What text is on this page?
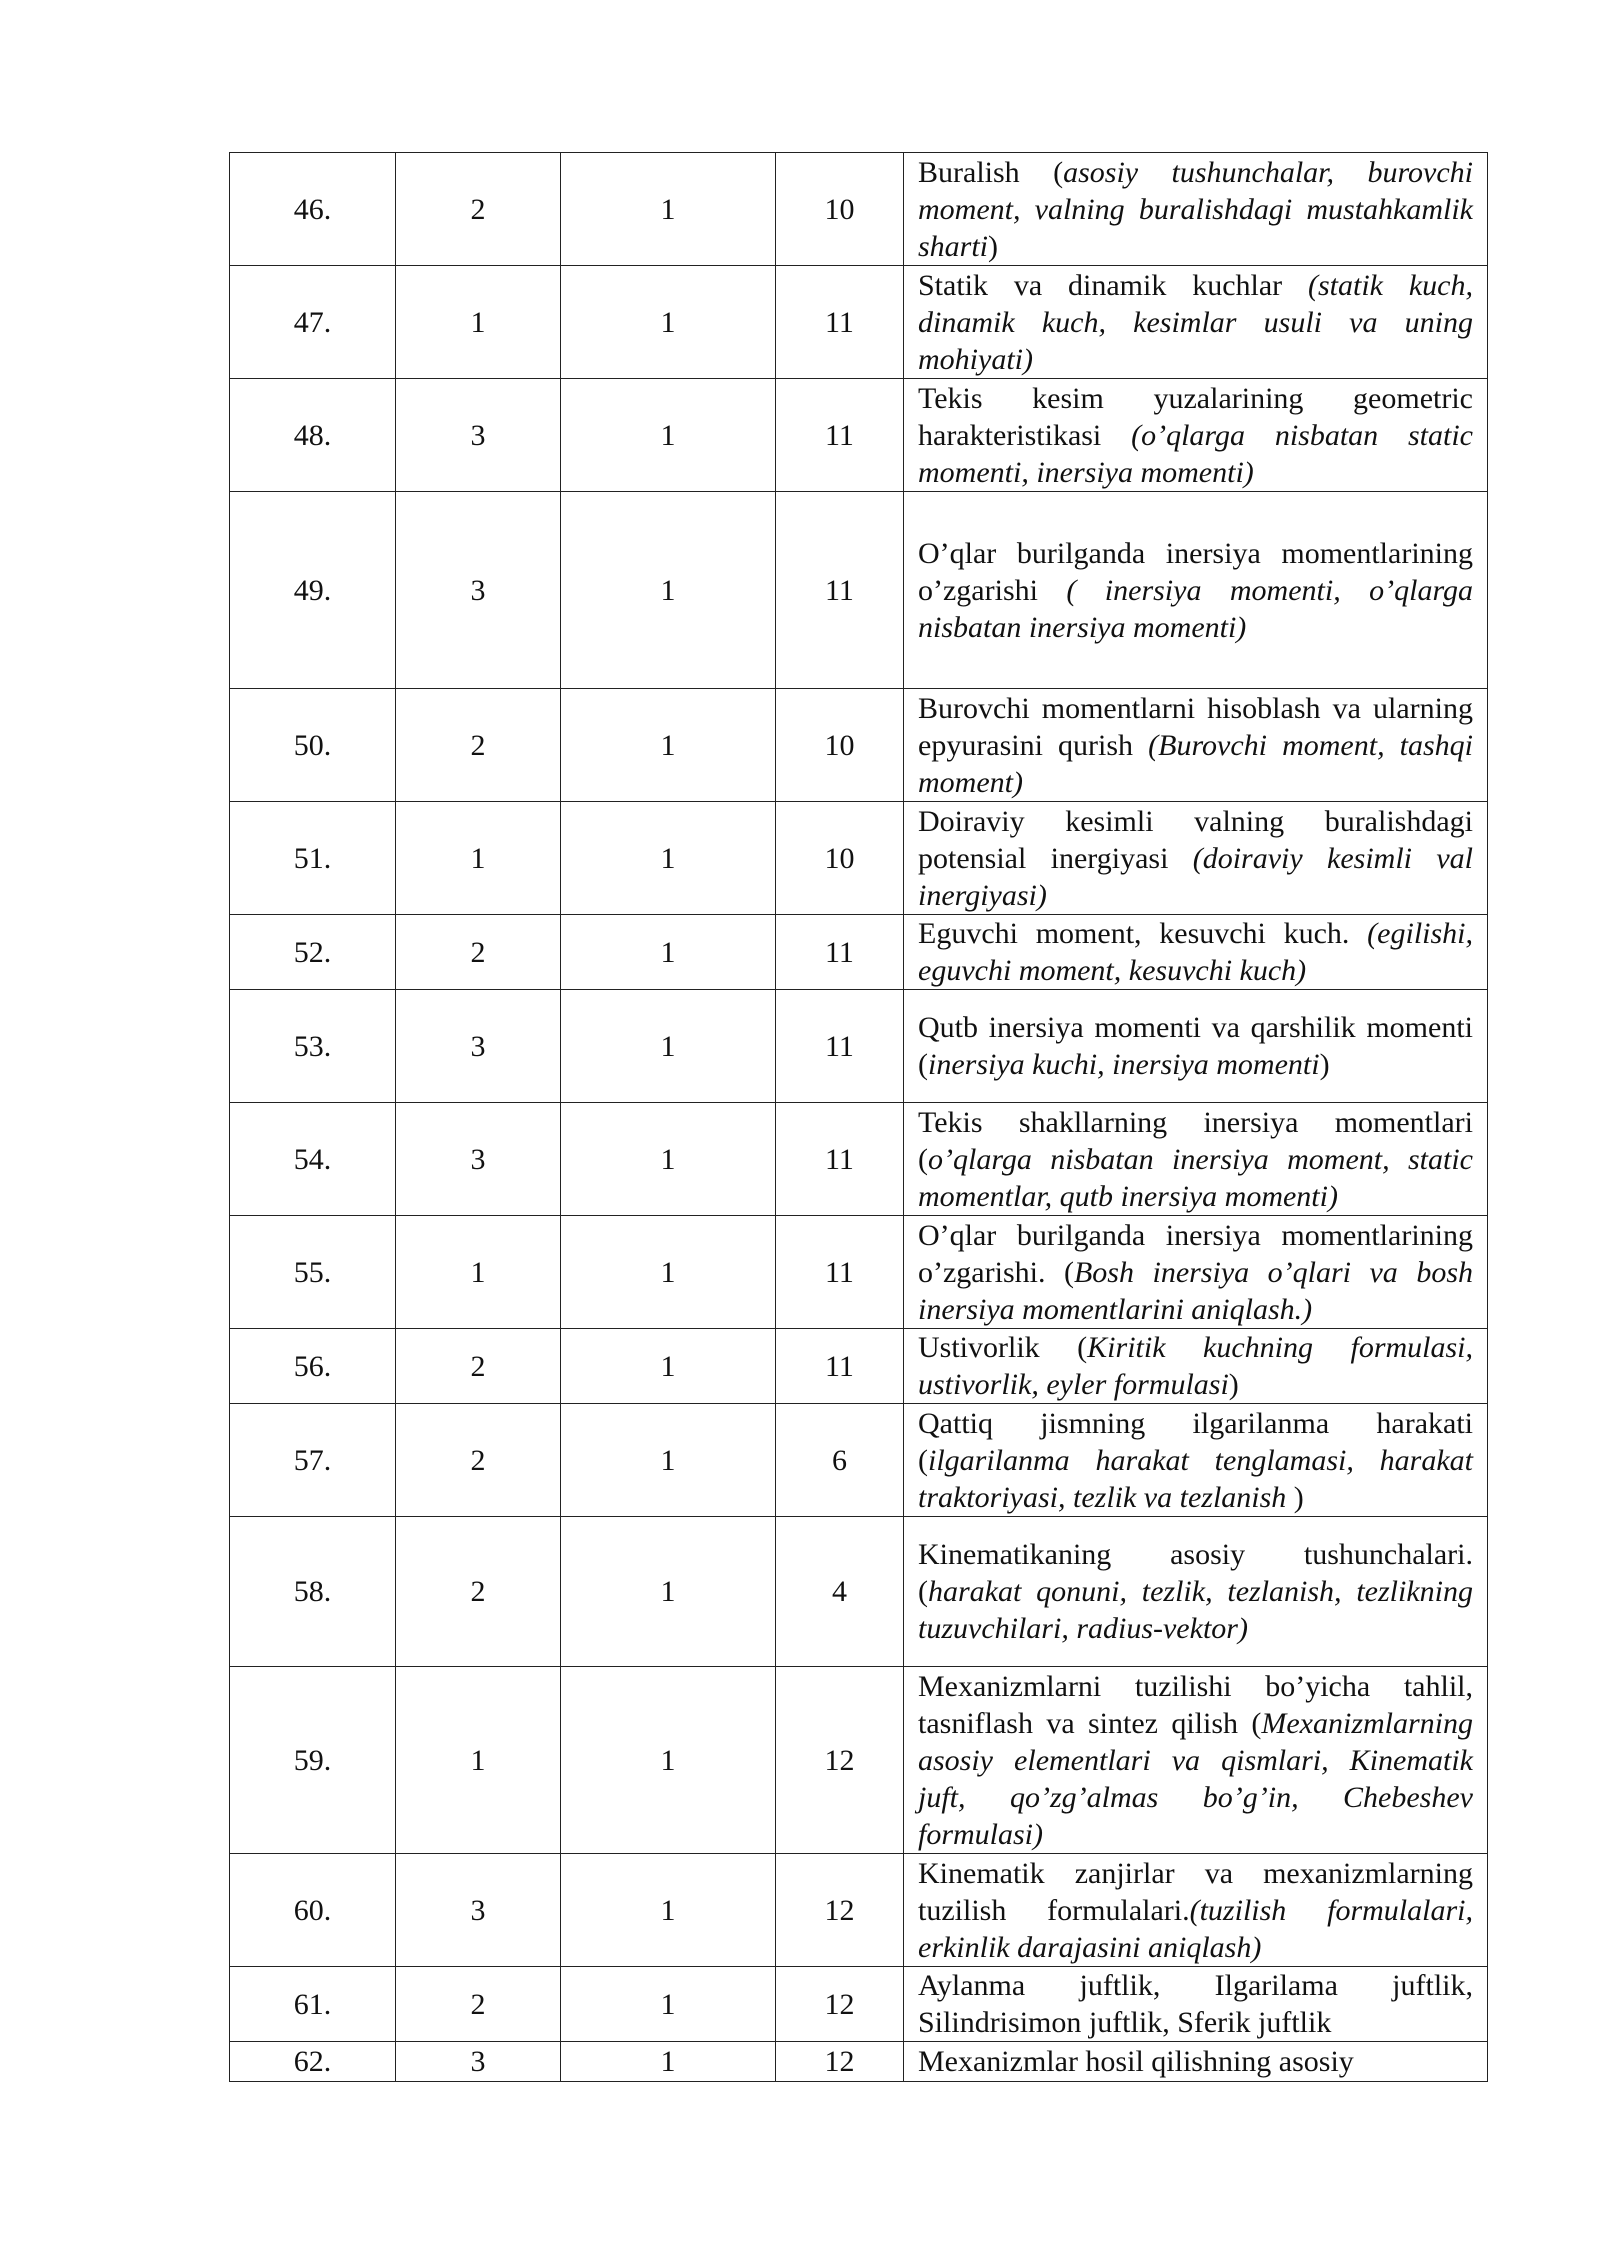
46.	2	1	10	Buralish (asosiy tushunchalar, burovchi moment, valning buralishdagi mustahkamlik sharti)
47.	1	1	11	Statik va dinamik kuchlar (statik kuch, dinamik kuch, kesimlar usuli va uning mohiyati)
48.	3	1	11	Tekis kesim yuzalarining geometric harakteristikasi (o’qlarga nisbatan static momenti, inersiya momenti)
49.	3	1	11	O’qlar burilganda inersiya momentlarining o’zgarishi ( inersiya momenti, o’qlarga nisbatan inersiya momenti)
50.	2	1	10	Burovchi momentlarni hisoblash va ularning epyurasini qurish (Burovchi moment, tashqi moment)
51.	1	1	10	Doiraviy kesimli valning buralishdagi potensial inergiyasi (doiraviy kesimli val inergiyasi)
52.	2	1	11	Eguvchi moment, kesuvchi kuch. (egilishi, eguvchi moment, kesuvchi kuch)
53.	3	1	11	Qutb inersiya momenti va qarshilik momenti (inersiya kuchi, inersiya momenti)
54.	3	1	11	Tekis shakllarning inersiya momentlari (o’qlarga nisbatan inersiya moment, static momentlar, qutb inersiya momenti)
55.	1	1	11	O’qlar burilganda inersiya momentlarining o’zgarishi. (Bosh inersiya o’qlari va bosh inersiya momentlarini aniqlash.)
56.	2	1	11	Ustivorlik (Kiritik kuchning formulasi, ustivorlik, eyler formulasi)
57.	2	1	6	Qattiq jismning ilgarilanma harakati (ilgarilanma harakat tenglamasi, harakat traktoriyasi, tezlik va tezlanish )
58.	2	1	4	Kinematikaning asosiy tushunchalari.(harakat qonuni, tezlik, tezlanish, tezlikning tuzuvchilari, radius-vektor)
59.	1	1	12	Mexanizmlarni tuzilishi bo’yicha tahlil, tasniflash va sintez qilish (Mexanizmlarning asosiy elementlari va qismlari, Kinematik juft, qo’zg’almas bo’g’in, Chebeshev formulasi)
60.	3	1	12	Kinematik zanjirlar va mexanizmlarning tuzilish formulalari.(tuzilish formulalari, erkinlik darajasini aniqlash)
61.	2	1	12	Aylanma juftlik, Ilgarilama juftlik, Silindrisimon juftlik, Sferik juftlik
62.	3	1	12	Mexanizmlar hosil qilishning asosiy
